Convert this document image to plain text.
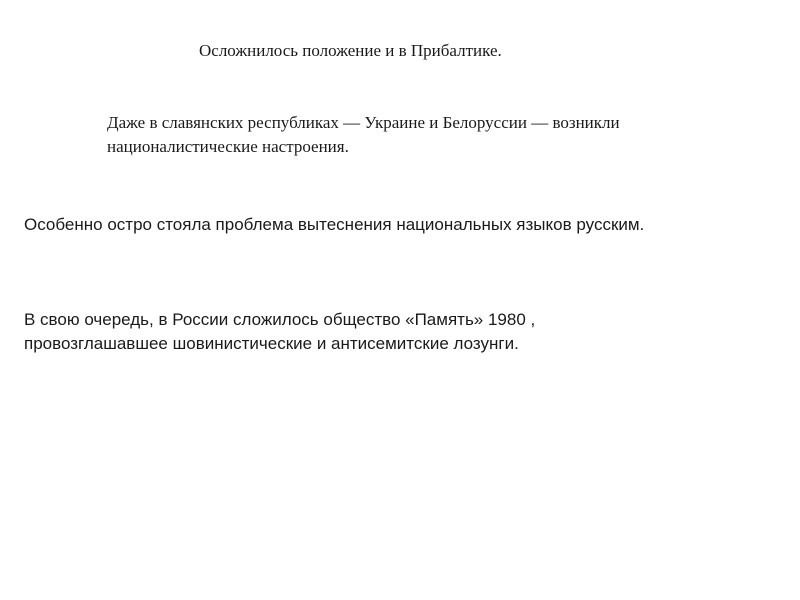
Осложнилось положение и в Прибалтике.
Даже в славянских республиках — Украине и Белоруссии — возникли
националистические настроения.
Особенно остро стояла проблема вытеснения национальных языков русским.
В свою очередь, в России сложилось общество «Память» 1980 ,
провозглашавшее шовинистические и антисемитские лозунги.
